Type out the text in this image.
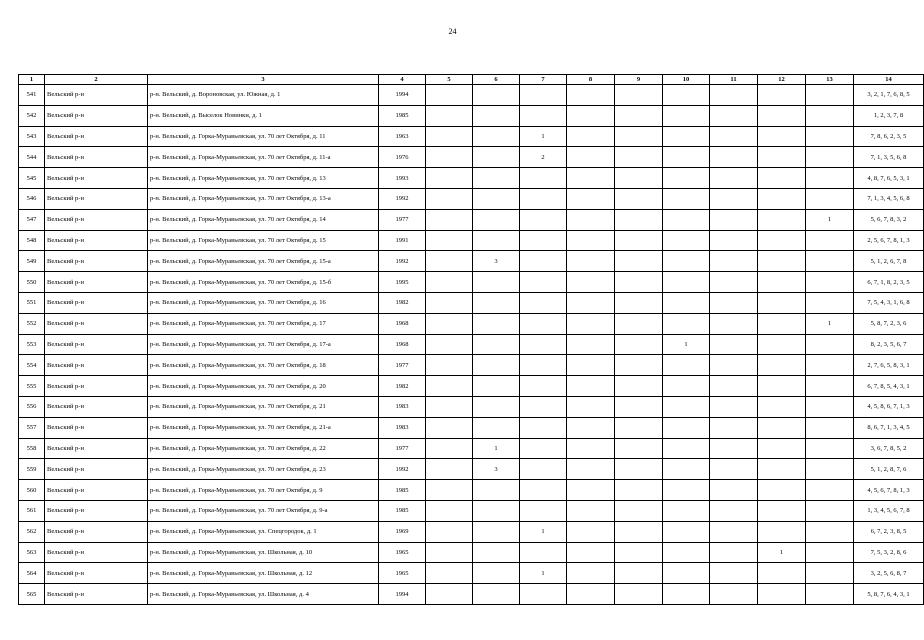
24
1	2	3	4	5	6	7	8	9	10	11	12	13	14
541	Вельский р-н	р-н. Вельский, д. Вороновская, ул. Южная, д. 1	1994										3, 2, 1, 7, 6, 8, 5
542	Вельский р-н	р-н. Вельский, д. Выселок Новинки, д. 1	1985										1, 2, 3, 7, 8
543	Вельский р-н	р-н. Вельский, д. Горка-Муравьевская, ул. 70 лет Октября, д. 11	1963			1							7, 8, 6, 2, 3, 5
544	Вельский р-н	р-н. Вельский, д. Горка-Муравьевская, ул. 70 лет Октября, д. 11-а	1976			2							7, 1, 3, 5, 6, 8
545	Вельский р-н	р-н. Вельский, д. Горка-Муравьевская, ул. 70 лет Октября, д. 13	1993										4, 8, 7, 6, 5, 3, 1
546	Вельский р-н	р-н. Вельский, д. Горка-Муравьевская, ул. 70 лет Октября, д. 13-а	1992										7, 1, 3, 4, 5, 6, 8
547	Вельский р-н	р-н. Вельский, д. Горка-Муравьевская, ул. 70 лет Октября, д. 14	1977									1	5, 6, 7, 8, 3, 2
548	Вельский р-н	р-н. Вельский, д. Горка-Муравьевская, ул. 70 лет Октября, д. 15	1991										2, 5, 6, 7, 8, 1, 3
549	Вельский р-н	р-н. Вельский, д. Горка-Муравьевская, ул. 70 лет Октября, д. 15-а	1992		3								5, 1, 2, 6, 7, 8
550	Вельский р-н	р-н. Вельский, д. Горка-Муравьевская, ул. 70 лет Октября, д. 15-б	1995										6, 7, 1, 8, 2, 3, 5
551	Вельский р-н	р-н. Вельский, д. Горка-Муравьевская, ул. 70 лет Октября, д. 16	1982										7, 5, 4, 3, 1, 6, 8
552	Вельский р-н	р-н. Вельский, д. Горка-Муравьевская, ул. 70 лет Октября, д. 17	1968									1	5, 8, 7, 2, 3, 6
553	Вельский р-н	р-н. Вельский, д. Горка-Муравьевская, ул. 70 лет Октября, д. 17-а	1968						1				8, 2, 3, 5, 6, 7
554	Вельский р-н	р-н. Вельский, д. Горка-Муравьевская, ул. 70 лет Октября, д. 18	1977										2, 7, 6, 5, 8, 3, 1
555	Вельский р-н	р-н. Вельский, д. Горка-Муравьевская, ул. 70 лет Октября, д. 20	1982										6, 7, 8, 5, 4, 3, 1
556	Вельский р-н	р-н. Вельский, д. Горка-Муравьевская, ул. 70 лет Октября, д. 21	1983										4, 5, 8, 6, 7, 1, 3
557	Вельский р-н	р-н. Вельский, д. Горка-Муравьевская, ул. 70 лет Октября, д. 21-а	1983										8, 6, 7, 1, 3, 4, 5
558	Вельский р-н	р-н. Вельский, д. Горка-Муравьевская, ул. 70 лет Октября, д. 22	1977		1								3, 6, 7, 8, 5, 2
559	Вельский р-н	р-н. Вельский, д. Горка-Муравьевская, ул. 70 лет Октября, д. 23	1992		3								5, 1, 2, 8, 7, 6
560	Вельский р-н	р-н. Вельский, д. Горка-Муравьевская, ул. 70 лет Октября, д. 9	1985										4, 5, 6, 7, 8, 1, 3
561	Вельский р-н	р-н. Вельский, д. Горка-Муравьевская, ул. 70 лет Октября, д. 9-а	1985										1, 3, 4, 5, 6, 7, 8
562	Вельский р-н	р-н. Вельский, д. Горка-Муравьевская, ул. Спецгородок, д. 1	1969			1							6, 7, 2, 3, 8, 5
563	Вельский р-н	р-н. Вельский, д. Горка-Муравьевская, ул. Школьная, д. 10	1965								1		7, 5, 3, 2, 8, 6
564	Вельский р-н	р-н. Вельский, д. Горка-Муравьевская, ул. Школьная, д. 12	1965			1							3, 2, 5, 6, 8, 7
565	Вельский р-н	р-н. Вельский, д. Горка-Муравьевская, ул. Школьная, д. 4	1994										5, 8, 7, 6, 4, 3, 1
